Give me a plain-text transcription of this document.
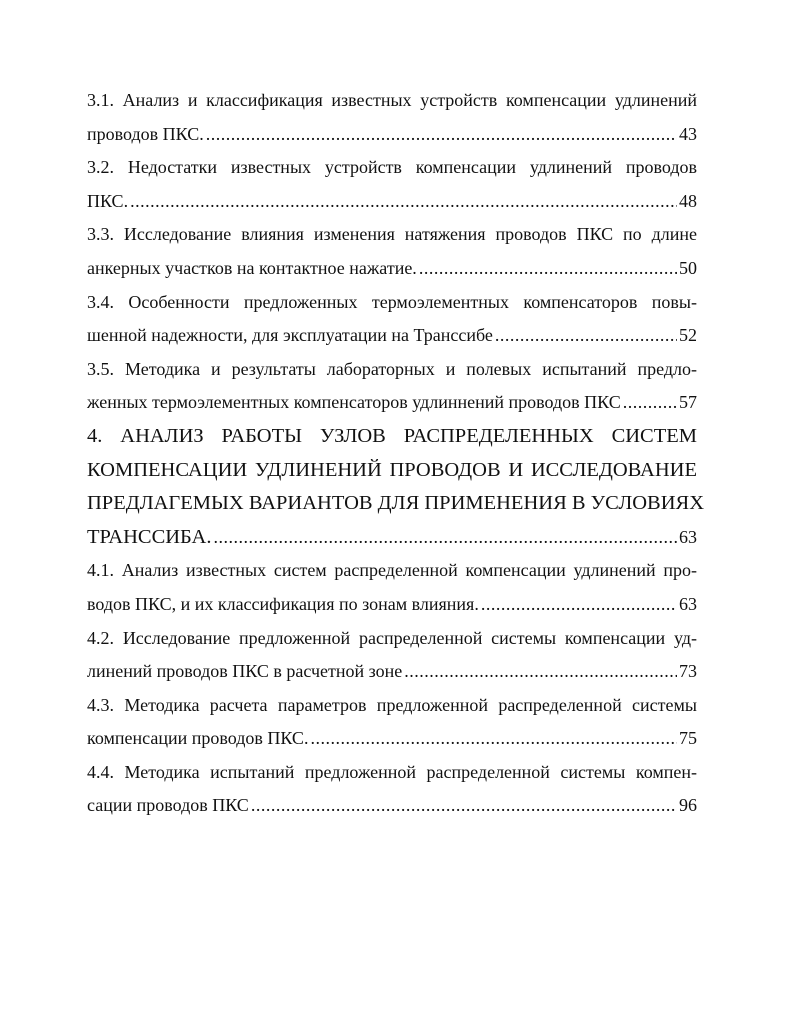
3.1. Анализ и классификация известных устройств компенсации удлинений
проводов ПКС. .....	43
3.2. Недостатки известных устройств компенсации удлинений проводов
ПКС. .....	48
3.3. Исследование влияния изменения натяжения проводов ПКС по длине
анкерных участков на контактное нажатие. .....	50
3.4. Особенности предложенных термоэлементных компенсаторов повы-
шенной надежности, для эксплуатации на Транссибе .....	52
3.5. Методика и результаты лабораторных и полевых испытаний предло-
женных термоэлементных компенсаторов удлиннений проводов ПКС .....	57
4. АНАЛИЗ РАБОТЫ УЗЛОВ РАСПРЕДЕЛЕННЫХ СИСТЕМ
КОМПЕНСАЦИИ УДЛИНЕНИЙ ПРОВОДОВ И ИССЛЕДОВАНИЕ
ПРЕДЛАГЕМЫХ ВАРИАНТОВ ДЛЯ ПРИМЕНЕНИЯ В УСЛОВИЯХ
ТРАНССИБА. .....	63
4.1. Анализ известных систем распределенной компенсации удлинений про-
водов ПКС, и их классификация по зонам влияния. .....	63
4.2. Исследование предложенной распределенной системы компенсации уд-
линений проводов ПКС в расчетной зоне .....	73
4.3. Методика расчета параметров предложенной распределенной системы
компенсации проводов ПКС. .....	75
4.4. Методика испытаний предложенной распределенной системы компен-
сации проводов ПКС .....	96
